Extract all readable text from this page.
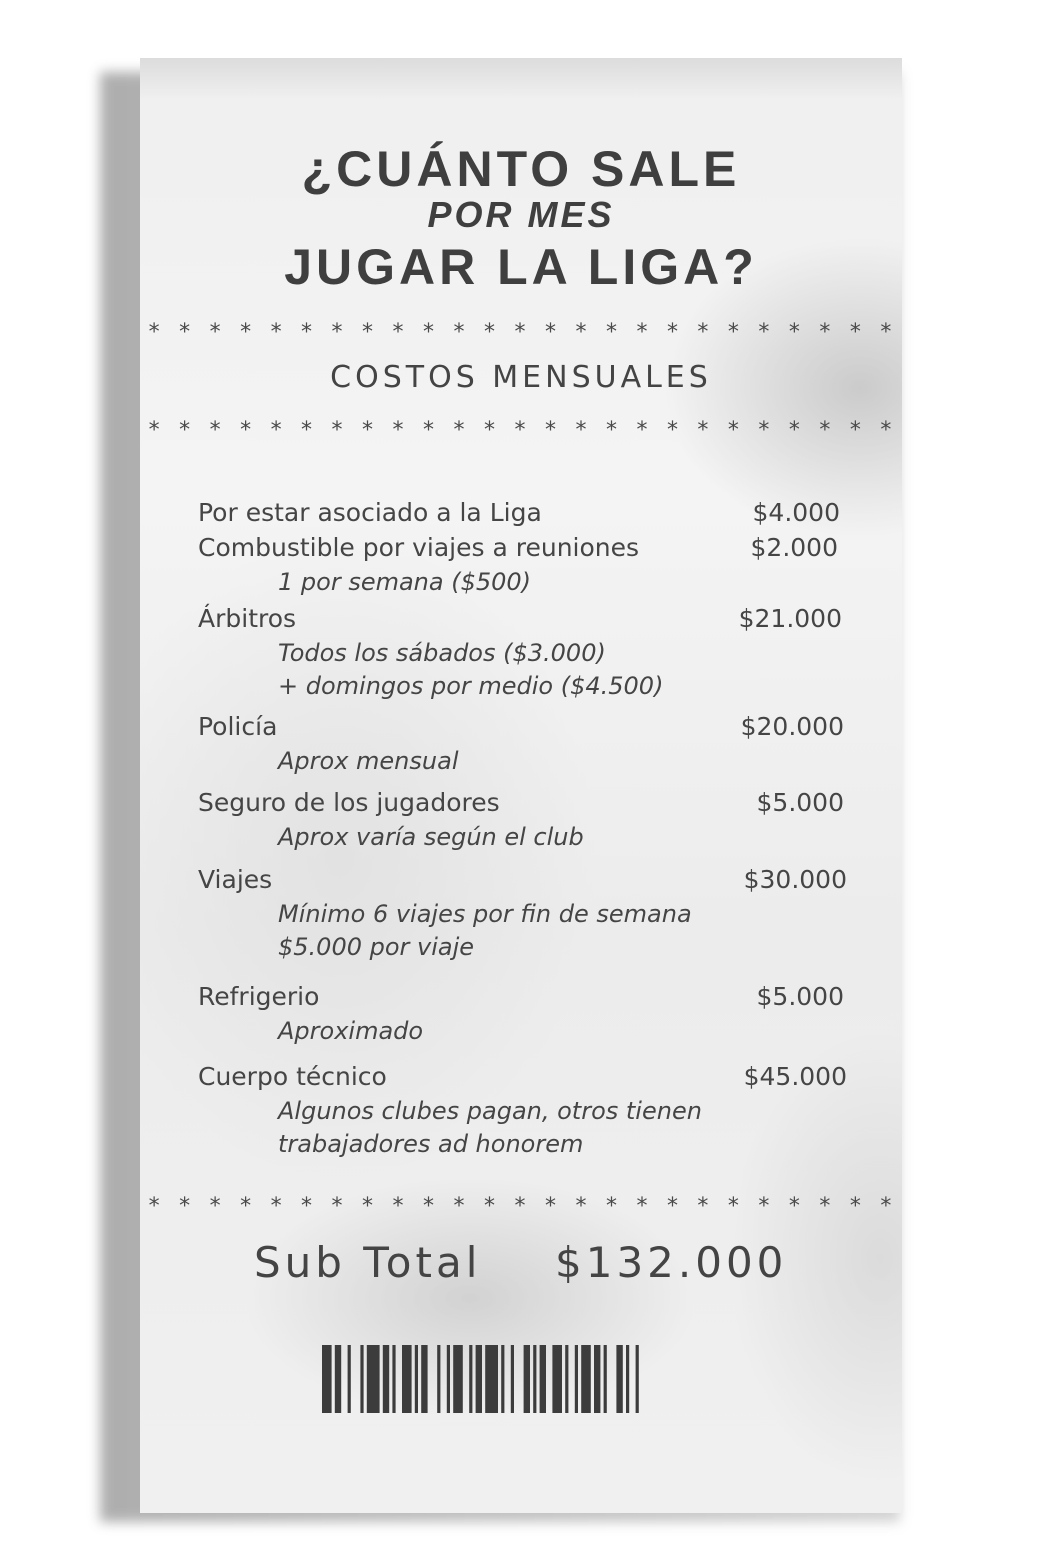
¿CUÁNTO SALE
POR MES
JUGAR LA LIGA?
* * * * * * * * * * * * * * * * * * * * * * * * *
COSTOS MENSUALES
* * * * * * * * * * * * * * * * * * * * * * * * *
Por estar asociado a la Liga	$4.000
Combustible por viajes a reuniones	$2.000
1 por semana ($500)
Árbitros	$21.000
Todos los sábados ($3.000)
+ domingos por medio ($4.500)
Policía	$20.000
Aprox mensual
Seguro de los jugadores	$5.000
Aprox varía según el club
Viajes	$30.000
Mínimo 6 viajes por fin de semana
$5.000 por viaje
Refrigerio	$5.000
Aproximado
Cuerpo técnico	$45.000
Algunos clubes pagan, otros tienen
trabajadores ad honorem
* * * * * * * * * * * * * * * * * * * * * * * * *
Sub Total $132.000
